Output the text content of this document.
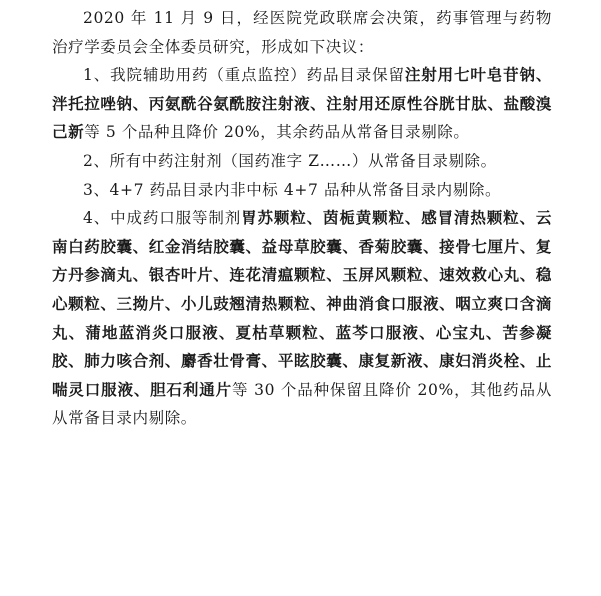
2020 年 11 月 9 日，经医院党政联席会决策，药事管理与药物治疗学委员会全体委员研究，形成如下决议：

1、我院辅助用药（重点监控）药品目录保留注射用七叶皂苷钠、泮托拉唑钠、丙氨酰谷氨酰胺注射液、注射用还原性谷胱甘肽、盐酸溴己新等 5 个品种且降价 20%，其余药品从常备目录剔除。

2、所有中药注射剂（国药准字 Z……）从常备目录剔除。

3、4+7 药品目录内非中标 4+7 品种从常备目录内剔除。

4、中成药口服等制剂胃苏颗粒、茵栀黄颗粒、感冒清热颗粒、云南白药胶囊、红金消结胶囊、益母草胶囊、香菊胶囊、接骨七厘片、复方丹参滴丸、银杏叶片、连花清瘟颗粒、玉屏风颗粒、速效救心丸、稳心颗粒、三拗片、小儿豉翘清热颗粒、神曲消食口服液、咽立爽口含滴丸、蒲地蓝消炎口服液、夏枯草颗粒、蓝芩口服液、心宝丸、苦参凝胶、肺力咳合剂、麝香壮骨膏、平眩胶囊、康复新液、康妇消炎栓、止喘灵口服液、胆石利通片等 30 个品种保留且降价 20%，其他药品从从常备目录内剔除。
